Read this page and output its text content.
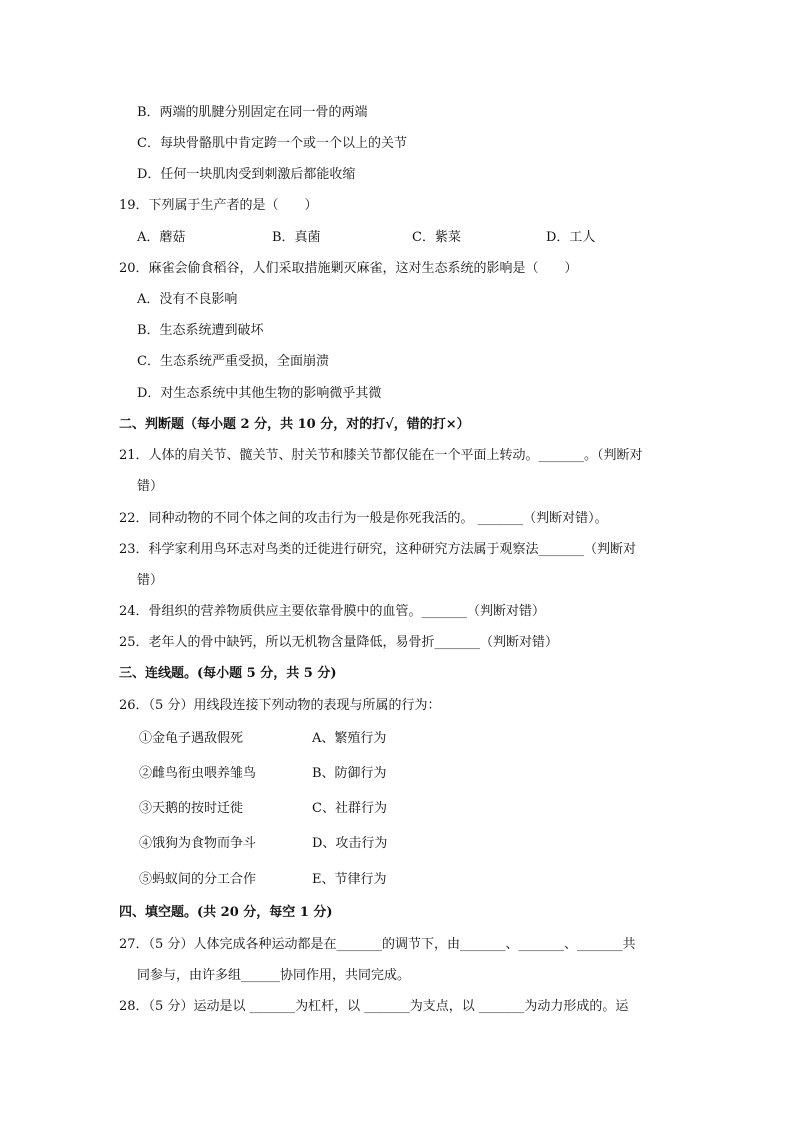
B．两端的肌腱分别固定在同一骨的两端
C．每块骨骼肌中肯定跨一个或一个以上的关节
D．任何一块肌肉受到刺激后都能收缩
19．下列属于生产者的是（　　）
A．蘑菇	B．真菌	C．紫菜	D．工人
20．麻雀会偷食稻谷，人们采取措施剿灭麻雀，这对生态系统的影响是（　　）
A．没有不良影响
B．生态系统遭到破坏
C．生态系统严重受损，全面崩溃
D．对生态系统中其他生物的影响微乎其微
二、判断题（每小题 2 分，共 10 分，对的打√，错的打×）
21．人体的肩关节、髋关节、肘关节和膝关节都仅能在一个平面上转动。_______。（判断对
错）
22．同种动物的不同个体之间的攻击行为一般是你死我活的。 _______（判断对错）。
23．科学家利用鸟环志对鸟类的迁徙进行研究，这种研究方法属于观察法_______（判断对
错）
24．骨组织的营养物质供应主要依靠骨膜中的血管。_______（判断对错）
25．老年人的骨中缺钙，所以无机物含量降低，易骨折_______（判断对错）
三、连线题。(每小题 5 分，共 5 分)
26．（5 分）用线段连接下列动物的表现与所属的行为：
①金龟子遇敌假死	A、繁殖行为
②雌鸟衔虫喂养雏鸟	B、防御行为
③天鹅的按时迁徙	C、社群行为
④饿狗为食物而争斗	D、攻击行为
⑤蚂蚁间的分工合作	E、节律行为
四、填空题。(共 20 分，每空 1 分)
27．（5 分）人体完成各种运动都是在_______的调节下，由_______、_______、_______共
同参与，由许多组______协同作用，共同完成。
28．（5 分）运动是以 _______为杠杆，以 _______为支点，以 _______为动力形成的。运
